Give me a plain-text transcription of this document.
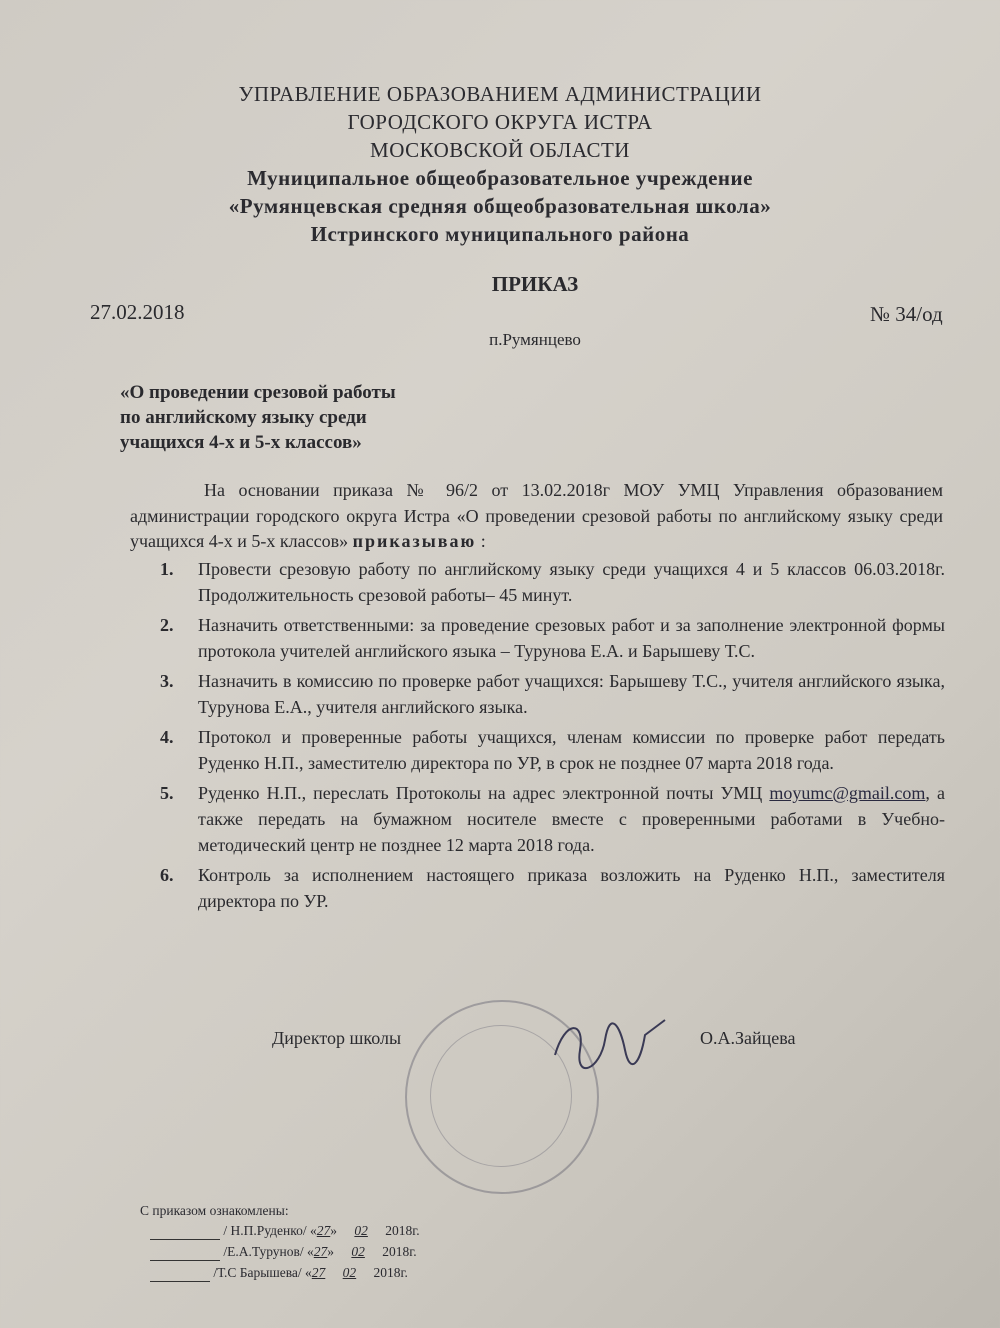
УПРАВЛЕНИЕ ОБРАЗОВАНИЕМ АДМИНИСТРАЦИИ
ГОРОДСКОГО ОКРУГА ИСТРА
МОСКОВСКОЙ ОБЛАСТИ
Муниципальное общеобразовательное учреждение
«Румянцевская средняя общеобразовательная школа»
Истринского муниципального района
ПРИКАЗ
27.02.2018	№ 34/од
п.Румянцево
«О проведении срезовой работы
по английскому языку среди
учащихся 4-х и 5-х классов»
На основании приказа № 96/2 от 13.02.2018г МОУ УМЦ Управления образованием администрации городского округа Истра «О проведении срезовой работы по английскому языку среди учащихся 4-х и 5-х классов» приказываю :
1. Провести срезовую работу по английскому языку среди учащихся 4 и 5 классов 06.03.2018г. Продолжительность срезовой работы– 45 минут.
2. Назначить ответственными: за проведение срезовых работ и за заполнение электронной формы протокола учителей английского языка – Турунова Е.А. и Барышеву Т.С.
3. Назначить в комиссию по проверке работ учащихся: Барышеву Т.С., учителя английского языка, Турунова Е.А., учителя английского языка.
4. Протокол и проверенные работы учащихся, членам комиссии по проверке работ передать Руденко Н.П., заместителю директора по УР, в срок не позднее 07 марта 2018 года.
5. Руденко Н.П., переслать Протоколы на адрес электронной почты УМЦ moyumc@gmail.com, а также передать на бумажном носителе вместе с проверенными работами в Учебно-методический центр не позднее 12 марта 2018 года.
6. Контроль за исполнением настоящего приказа возложить на Руденко Н.П., заместителя директора по УР.
Директор школы	О.А.Зайцева
С приказом ознакомлены:
/ Н.П.Руденко/ «27» 02 2018г.
/Е.А.Турунов/ «27» 02 2018г.
/Т.С Барышева/ «27 02 2018г.
